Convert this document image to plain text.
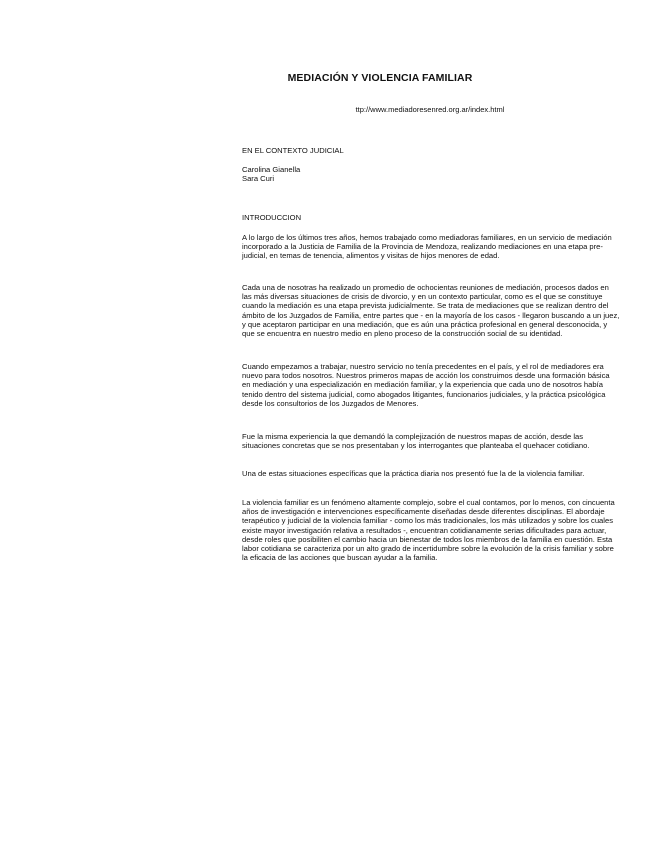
MEDIACIÓN Y VIOLENCIA FAMILIAR

ttp://www.mediadoresenred.org.ar/index.html

EN EL CONTEXTO JUDICIAL

Carolina Gianella
Sara Curi

INTRODUCCION

A lo largo de los últimos tres años, hemos trabajado como mediadoras familiares, en un servicio de mediación incorporado a la Justicia de Familia de la Provincia de Mendoza, realizando mediaciones en una etapa pre-judicial, en temas de tenencia, alimentos y visitas de hijos menores de edad.

Cada una de nosotras ha realizado un promedio de ochocientas reuniones de mediación, procesos dados en las más diversas situaciones de crisis de divorcio, y en un contexto particular, como es el que se constituye cuando la mediación es una etapa prevista judicialmente. Se trata de mediaciones que se realizan dentro del ámbito de los Juzgados de Familia, entre partes que - en la mayoría de los casos - llegaron buscando a un juez, y que aceptaron participar en una mediación, que es aún una práctica profesional en general desconocida, y que se encuentra en nuestro medio en pleno proceso de la construcción social de su identidad.

Cuando empezamos a trabajar, nuestro servicio no tenía precedentes en el país, y el rol de mediadores era nuevo para todos nosotros. Nuestros primeros mapas de acción los construimos desde una formación básica en mediación y una especialización en mediación familiar, y la experiencia que cada uno de nosotros había tenido dentro del sistema judicial, como abogados litigantes, funcionarios judiciales, y la práctica psicológica desde los consultorios de los Juzgados de Menores.

Fue la misma experiencia la que demandó la complejización de nuestros mapas de acción, desde las situaciones concretas que se nos presentaban y los interrogantes que planteaba el quehacer cotidiano.

Una de estas situaciones específicas que la práctica diaria nos presentó fue la de la violencia familiar.

La violencia familiar es un fenómeno altamente complejo, sobre el cual contamos, por lo menos, con cincuenta años de investigación e intervenciones específicamente diseñadas desde diferentes disciplinas. El abordaje terapéutico y judicial de la violencia familiar - como los más tradicionales, los más utilizados y sobre los cuales existe mayor investigación relativa a resultados -, encuentran cotidianamente serias dificultades para actuar, desde roles que posibiliten el cambio hacia un bienestar de todos los miembros de la familia en cuestión. Esta labor cotidiana se caracteriza por un alto grado de incertidumbre sobre la evolución de la crisis familiar y sobre la eficacia de las acciones que buscan ayudar a la familia.
